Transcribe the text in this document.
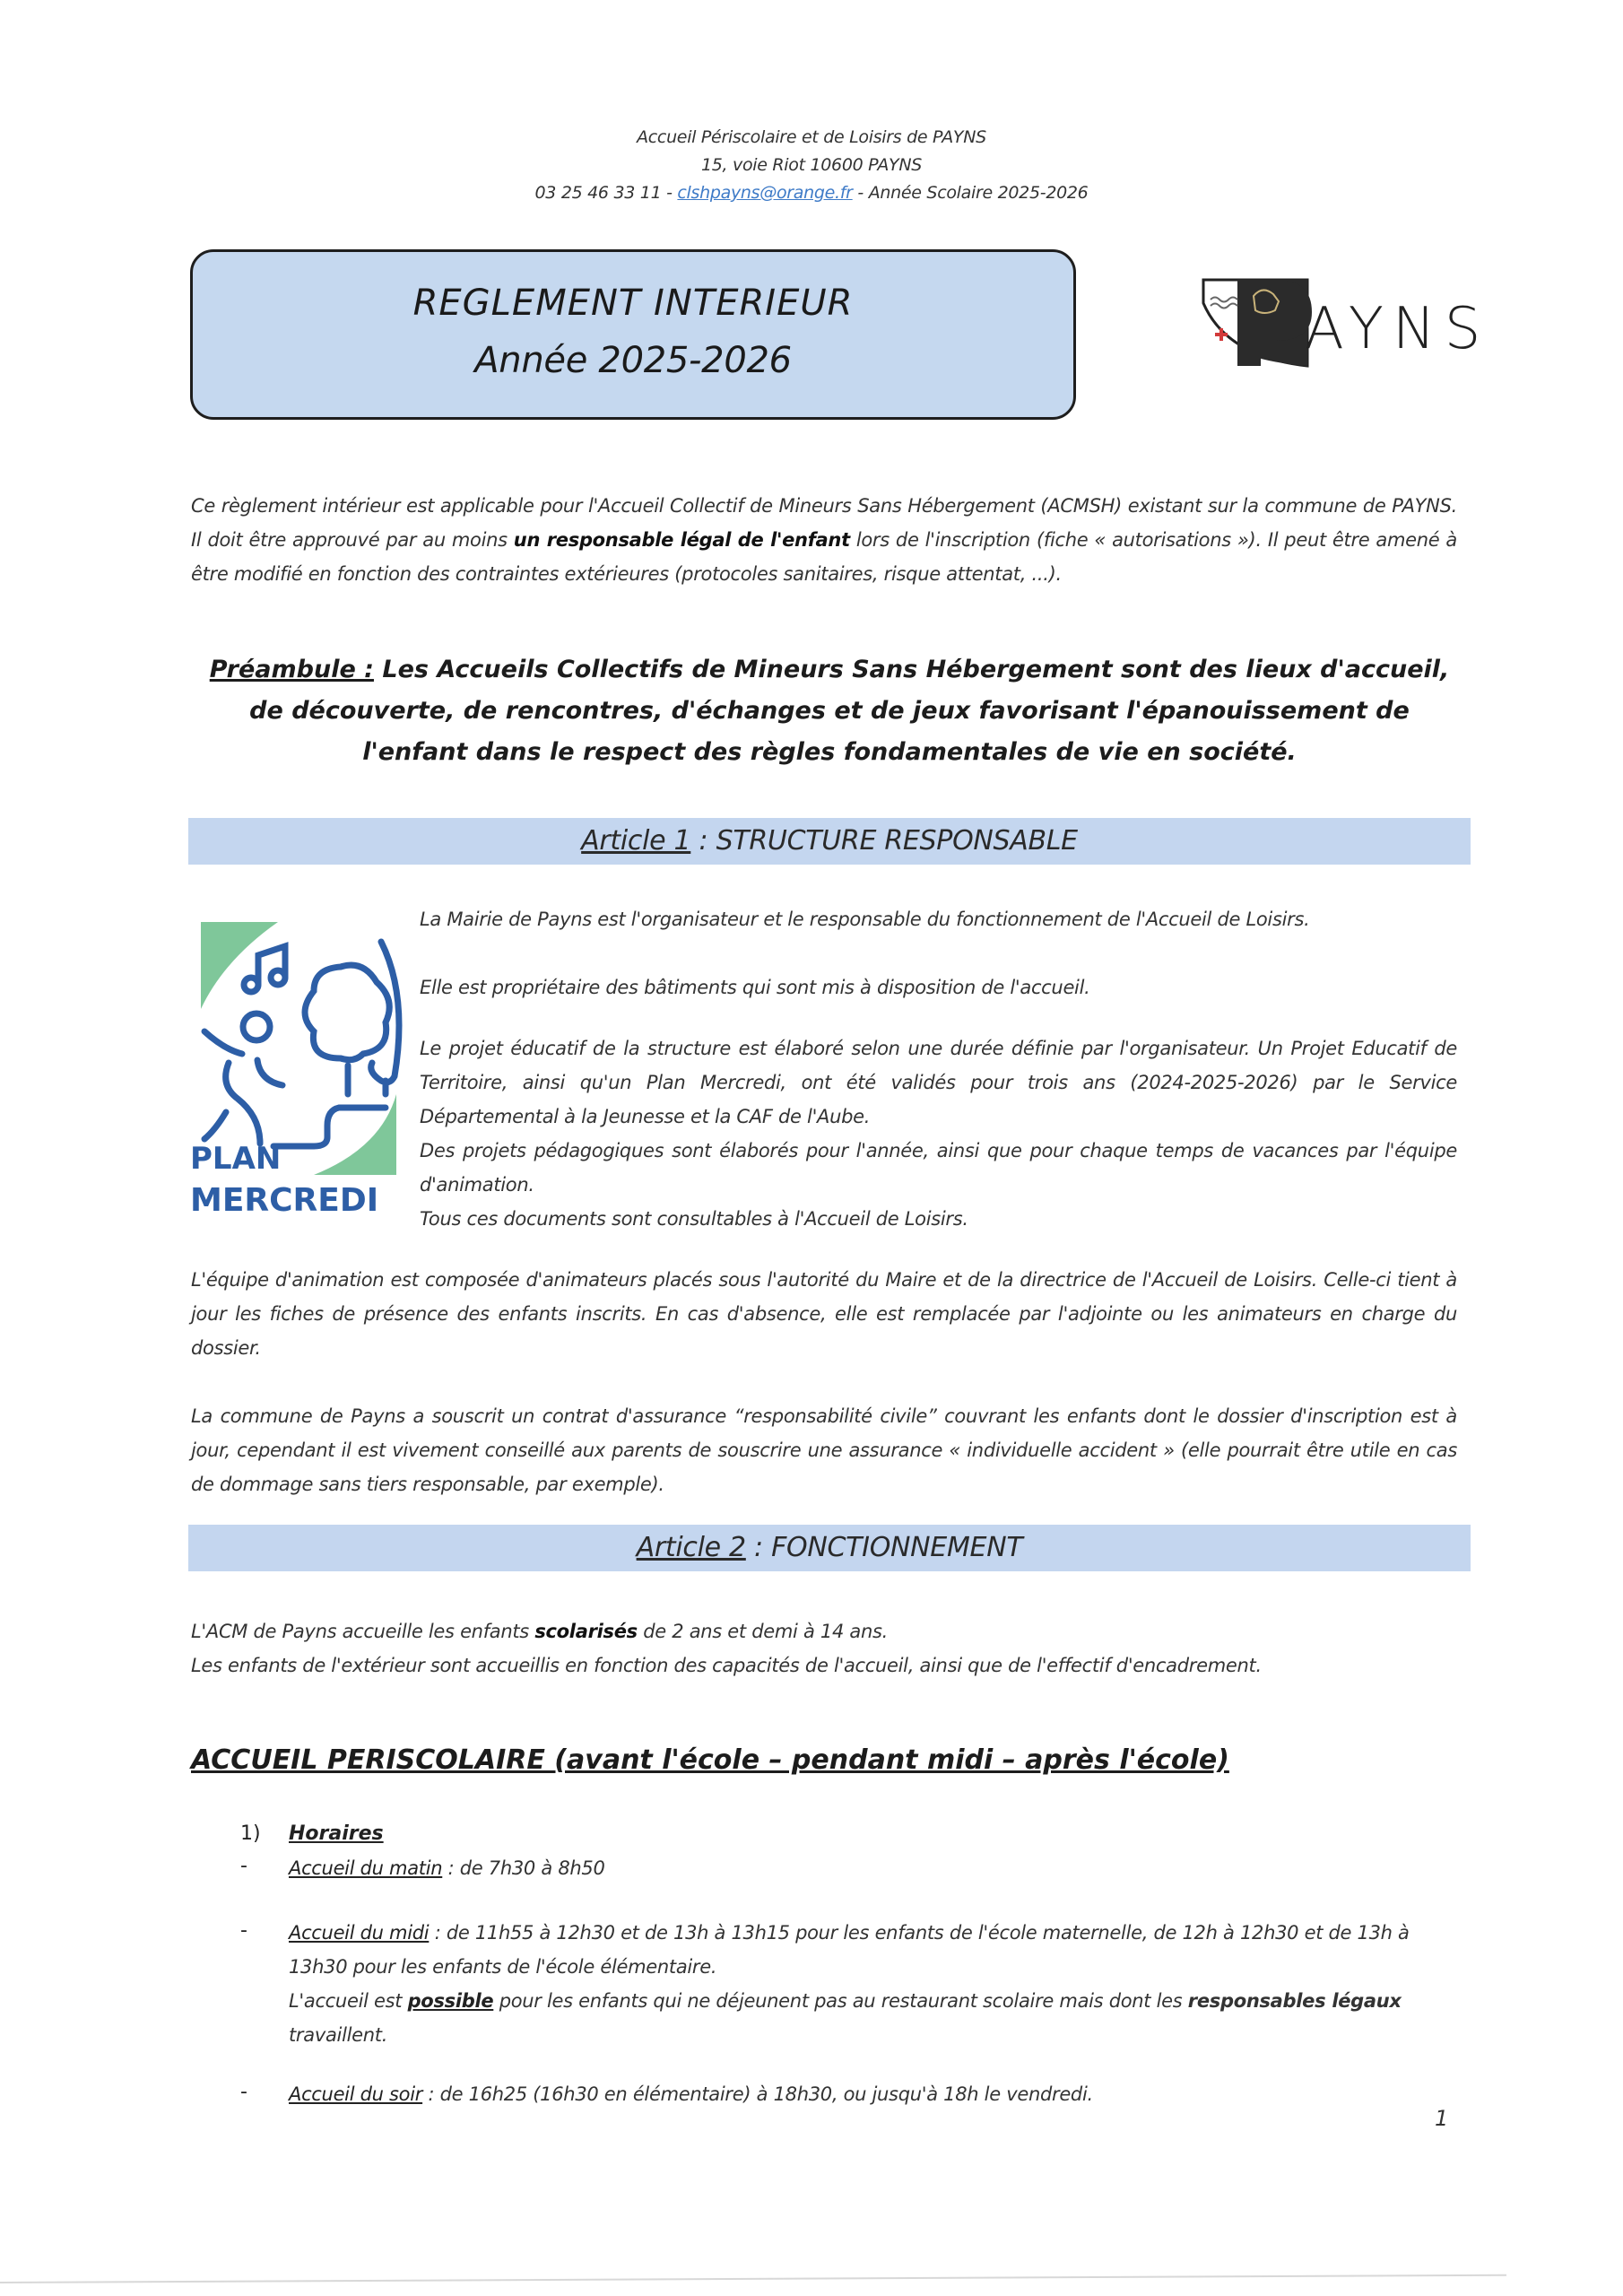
Accueil Périscolaire et de Loisirs de PAYNS
15, voie Riot 10600 PAYNS
03 25 46 33 11 - clshpayns@orange.fr - Année Scolaire 2025-2026
REGLEMENT INTERIEUR
Année 2025-2026	AYNS
Ce règlement intérieur est applicable pour l'Accueil Collectif de Mineurs Sans Hébergement (ACMSH) existant sur la commune de PAYNS. Il doit être approuvé par au moins un responsable légal de l'enfant lors de l'inscription (fiche « autorisations »). Il peut être amené à être modifié en fonction des contraintes extérieures (protocoles sanitaires, risque attentat, ...).
Préambule : Les Accueils Collectifs de Mineurs Sans Hébergement sont des lieux d'accueil, de découverte, de rencontres, d'échanges et de jeux favorisant l'épanouissement de l'enfant dans le respect des règles fondamentales de vie en société.
Article 1 : STRUCTURE RESPONSABLE
PLAN
MERCREDI
La Mairie de Payns est l'organisateur et le responsable du fonctionnement de l'Accueil de Loisirs.
Elle est propriétaire des bâtiments qui sont mis à disposition de l'accueil.
Le projet éducatif de la structure est élaboré selon une durée définie par l'organisateur. Un Projet Educatif de Territoire, ainsi qu'un Plan Mercredi, ont été validés pour trois ans (2024-2025-2026) par le Service Départemental à la Jeunesse et la CAF de l'Aube.
Des projets pédagogiques sont élaborés pour l'année, ainsi que pour chaque temps de vacances par l'équipe d'animation.
Tous ces documents sont consultables à l'Accueil de Loisirs.
L'équipe d'animation est composée d'animateurs placés sous l'autorité du Maire et de la directrice de l'Accueil de Loisirs. Celle-ci tient à jour les fiches de présence des enfants inscrits. En cas d'absence, elle est remplacée par l'adjointe ou les animateurs en charge du dossier.
La commune de Payns a souscrit un contrat d'assurance “responsabilité civile” couvrant les enfants dont le dossier d'inscription est à jour, cependant il est vivement conseillé aux parents de souscrire une assurance « individuelle accident » (elle pourrait être utile en cas de dommage sans tiers responsable, par exemple).
Article 2 : FONCTIONNEMENT
L'ACM de Payns accueille les enfants scolarisés de 2 ans et demi à 14 ans.
Les enfants de l'extérieur sont accueillis en fonction des capacités de l'accueil, ainsi que de l'effectif d'encadrement.
ACCUEIL PERISCOLAIRE (avant l'école – pendant midi – après l'école)
1) Horaires
- Accueil du matin : de 7h30 à 8h50
- Accueil du midi : de 11h55 à 12h30 et de 13h à 13h15 pour les enfants de l'école maternelle, de 12h à 12h30 et de 13h à 13h30 pour les enfants de l'école élémentaire.
L'accueil est possible pour les enfants qui ne déjeunent pas au restaurant scolaire mais dont les responsables légaux travaillent.
- Accueil du soir : de 16h25 (16h30 en élémentaire) à 18h30, ou jusqu'à 18h le vendredi.
1
